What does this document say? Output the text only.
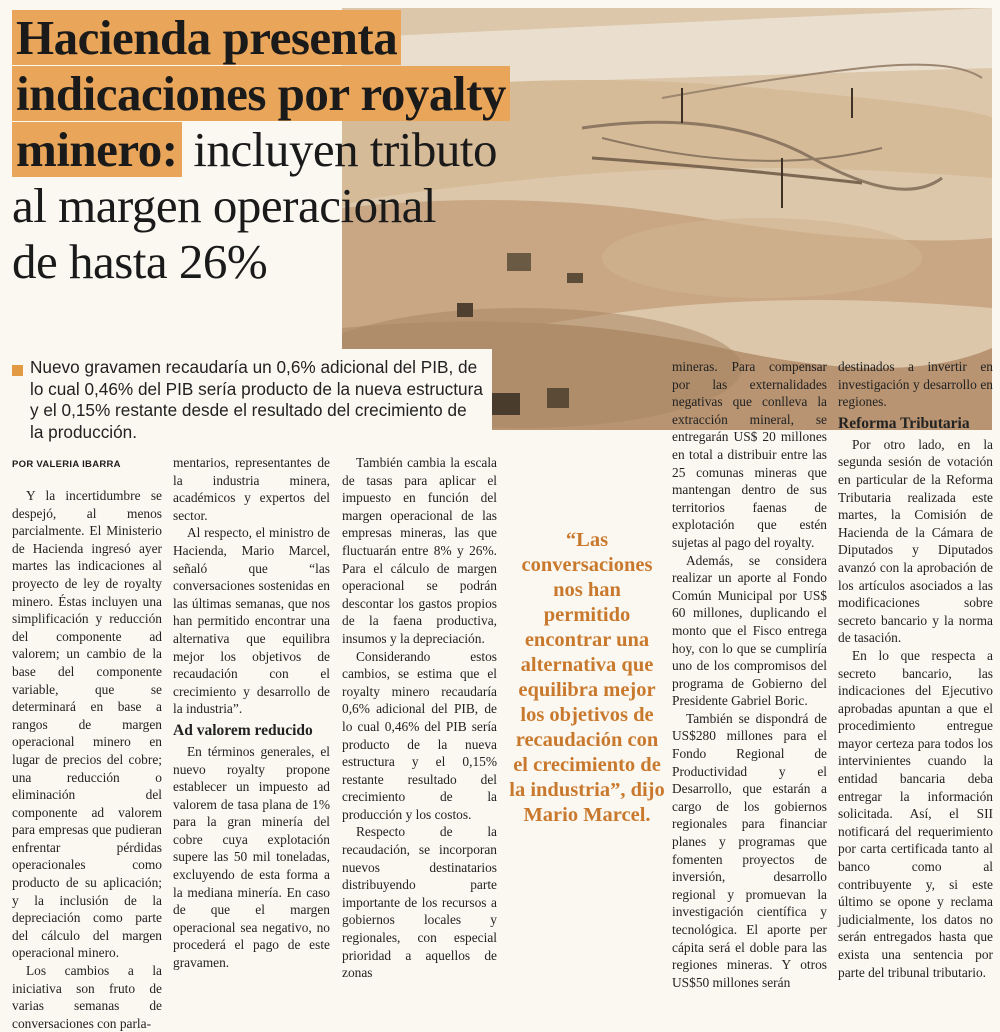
Hacienda presenta
indicaciones por royalty
minero: incluyen tributo
al margen operacional
de hasta 26%

Nuevo gravamen recaudaría un 0,6% adicional del PIB, de lo cual 0,46% del PIB sería producto de la nueva estructura y el 0,15% restante desde el resultado del crecimiento de la producción.

POR VALERIA IBARRA

Y la incertidumbre se despejó, al menos parcialmente. El Ministerio de Hacienda ingresó ayer martes las indicaciones al proyecto de ley de royalty minero. Éstas incluyen una simplificación y reducción del componente ad valorem; un cambio de la base del componente variable, que se determinará en base a rangos de margen operacional minero en lugar de precios del cobre; una reducción o eliminación del componente ad valorem para empresas que pudieran enfrentar pérdidas operacionales como producto de su aplicación; y la inclusión de la depreciación como parte del cálculo del margen operacional minero.

Los cambios a la iniciativa son fruto de varias semanas de conversaciones con parla-

mentarios, representantes de la industria minera, académicos y expertos del sector.

Al respecto, el ministro de Hacienda, Mario Marcel, señaló que “las conversaciones sostenidas en las últimas semanas, que nos han permitido encontrar una alternativa que equilibra mejor los objetivos de recaudación con el crecimiento y desarrollo de la industria”.

Ad valorem reducido

En términos generales, el nuevo royalty propone establecer un impuesto ad valorem de tasa plana de 1% para la gran minería del cobre cuya explotación supere las 50 mil toneladas, excluyendo de esta forma a la mediana minería. En caso de que el margen operacional sea negativo, no procederá el pago de este gravamen.

También cambia la escala de tasas para aplicar el impuesto en función del margen operacional de las empresas mineras, las que fluctuarán entre 8% y 26%. Para el cálculo de margen operacional se podrán descontar los gastos propios de la faena productiva, insumos y la depreciación.

Considerando estos cambios, se estima que el royalty minero recaudaría 0,6% adicional del PIB, de lo cual 0,46% del PIB sería producto de la nueva estructura y el 0,15% restante resultado del crecimiento de la producción y los costos.

Respecto de la recaudación, se incorporan nuevos destinatarios distribuyendo parte importante de los recursos a gobiernos locales y regionales, con especial prioridad a aquellos de zonas

“Las conversaciones nos han permitido encontrar una alternativa que equilibra mejor los objetivos de recaudación con el crecimiento de la industria”, dijo Mario Marcel.

mineras. Para compensar por las externalidades negativas que conlleva la extracción mineral, se entregarán US$ 20 millones en total a distribuir entre las 25 comunas mineras que mantengan dentro de sus territorios faenas de explotación que estén sujetas al pago del royalty.

Además, se considera realizar un aporte al Fondo Común Municipal por US$ 60 millones, duplicando el monto que el Fisco entrega hoy, con lo que se cumpliría uno de los compromisos del programa de Gobierno del Presidente Gabriel Boric.

También se dispondrá de US$280 millones para el Fondo Regional de Productividad y el Desarrollo, que estarán a cargo de los gobiernos regionales para financiar planes y programas que fomenten proyectos de inversión, desarrollo regional y promuevan la investigación científica y tecnológica. El aporte per cápita será el doble para las regiones mineras. Y otros US$50 millones serán

destinados a invertir en investigación y desarrollo en regiones.

Reforma Tributaria

Por otro lado, en la segunda sesión de votación en particular de la Reforma Tributaria realizada este martes, la Comisión de Hacienda de la Cámara de Diputados y Diputados avanzó con la aprobación de los artículos asociados a las modificaciones sobre secreto bancario y la norma de tasación.

En lo que respecta a secreto bancario, las indicaciones del Ejecutivo aprobadas apuntan a que el procedimiento entregue mayor certeza para todos los intervinientes cuando la entidad bancaria deba entregar la información solicitada. Así, el SII notificará del requerimiento por carta certificada tanto al banco como al contribuyente y, si este último se opone y reclama judicialmente, los datos no serán entregados hasta que exista una sentencia por parte del tribunal tributario.
